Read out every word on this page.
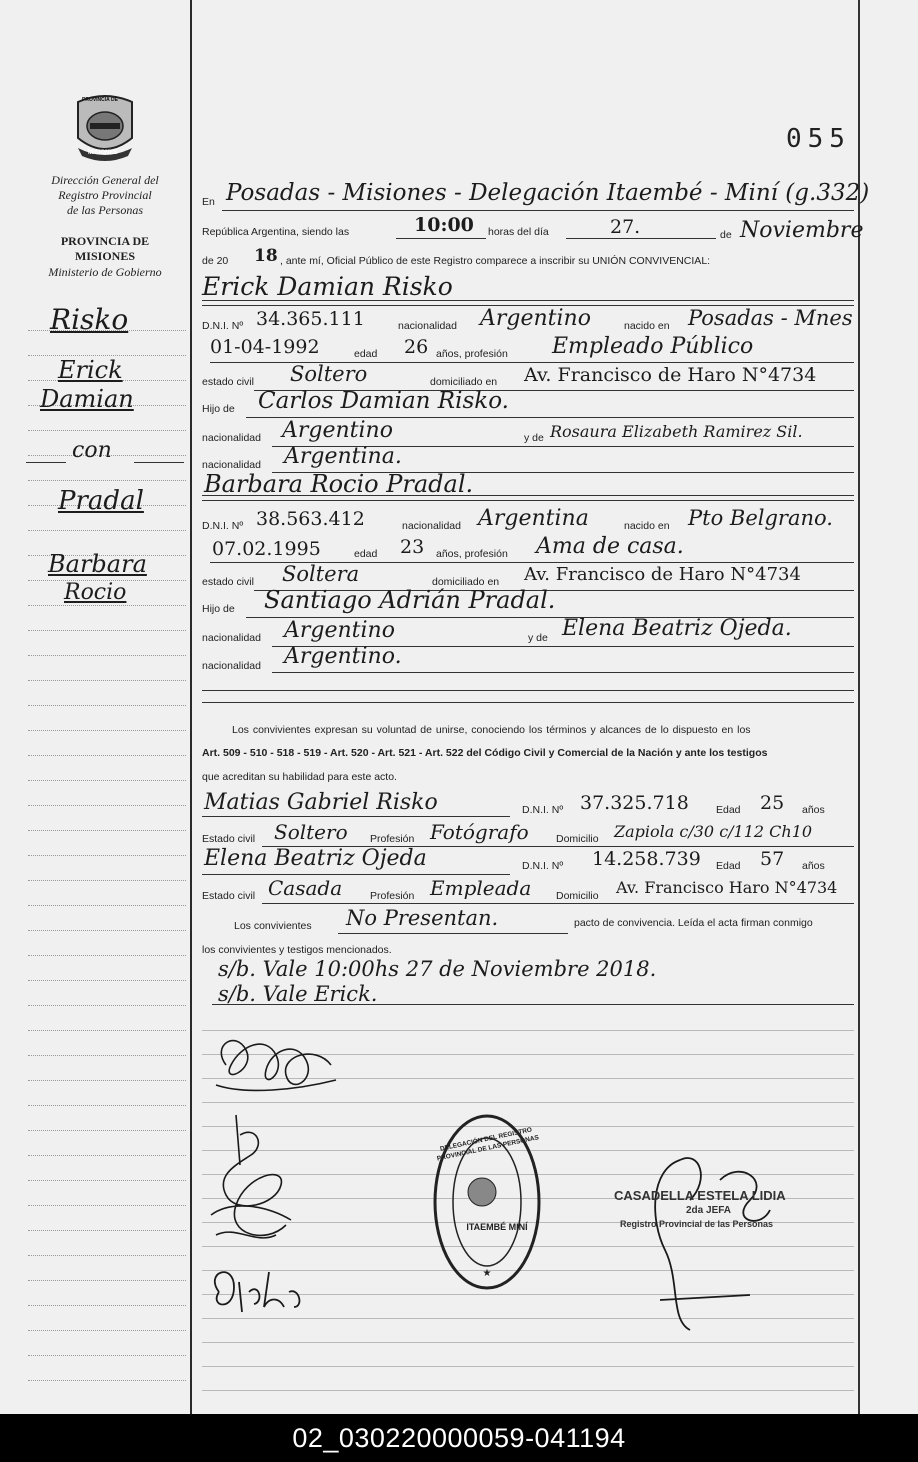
PROVINCIA DE
MISIONES
Dirección General del
Registro Provincial
de las Personas
PROVINCIA DE
MISIONES
Ministerio de Gobierno
Risko
Erick
Damian
con
Pradal
Barbara
Rocio
055
En Posadas - Misiones - Delegación Itaembé - Miní (g.332)
República Argentina, siendo las	10:00 horas del día	27.	de Noviembre
de 20 18 , ante mí, Oficial Público de este Registro comparece a inscribir su UNIÓN CONVIVENCIAL:
Erick Damian Risko
D.N.I. Nº 34.365.111	nacionalidad Argentino	nacido en Posadas - Mnes
01-04-1992	edad 26 años, profesión Empleado Público
estado civil Soltero	domiciliado en Av. Francisco de Haro N°4734
Hijo de Carlos Damian Risko.
nacionalidad Argentino	y de Rosaura Elizabeth Ramirez Sil.
nacionalidad Argentina.
Barbara Rocio Pradal.
D.N.I. Nº 38.563.412	nacionalidad Argentina	nacido en Pto Belgrano.
07.02.1995	edad 23 años, profesión Ama de casa.
estado civil Soltera	domiciliado en Av. Francisco de Haro N°4734
Hijo de Santiago Adrián Pradal.
nacionalidad Argentino	y de Elena Beatriz Ojeda.
nacionalidad Argentino.
Los convivientes expresan su voluntad de unirse, conociendo los términos y alcances de lo dispuesto en los
Art. 509 - 510 - 518 - 519 - Art. 520 - Art. 521 - Art. 522 del Código Civil y Comercial de la Nación y ante los testigos
que acreditan su habilidad para este acto.
Matias Gabriel Risko	D.N.I. Nº 37.325.718	Edad 25 años
Estado civil Soltero Profesión Fotógrafo	Domicilio Zapiola c/30 c/112 Ch10
Elena Beatriz Ojeda	D.N.I. Nº 14.258.739 Edad 57 años
Estado civil Casada	Profesión Empleada Domicilio Av. Francisco Haro N°4734
Los convivientes No Presentan.	pacto de convivencia. Leída el acta firman conmigo
los convivientes y testigos mencionados.
s/b. Vale 10:00hs 27 de Noviembre 2018.
s/b. Vale Erick.
★
DELEGACIÓN DEL REGISTRO PROVINCIAL DE LAS PERSONAS
ITAEMBÉ MINÍ
CASADELLA ESTELA LIDIA
2da JEFA
Registro Provincial de las Personas
02_030220000059-041194
